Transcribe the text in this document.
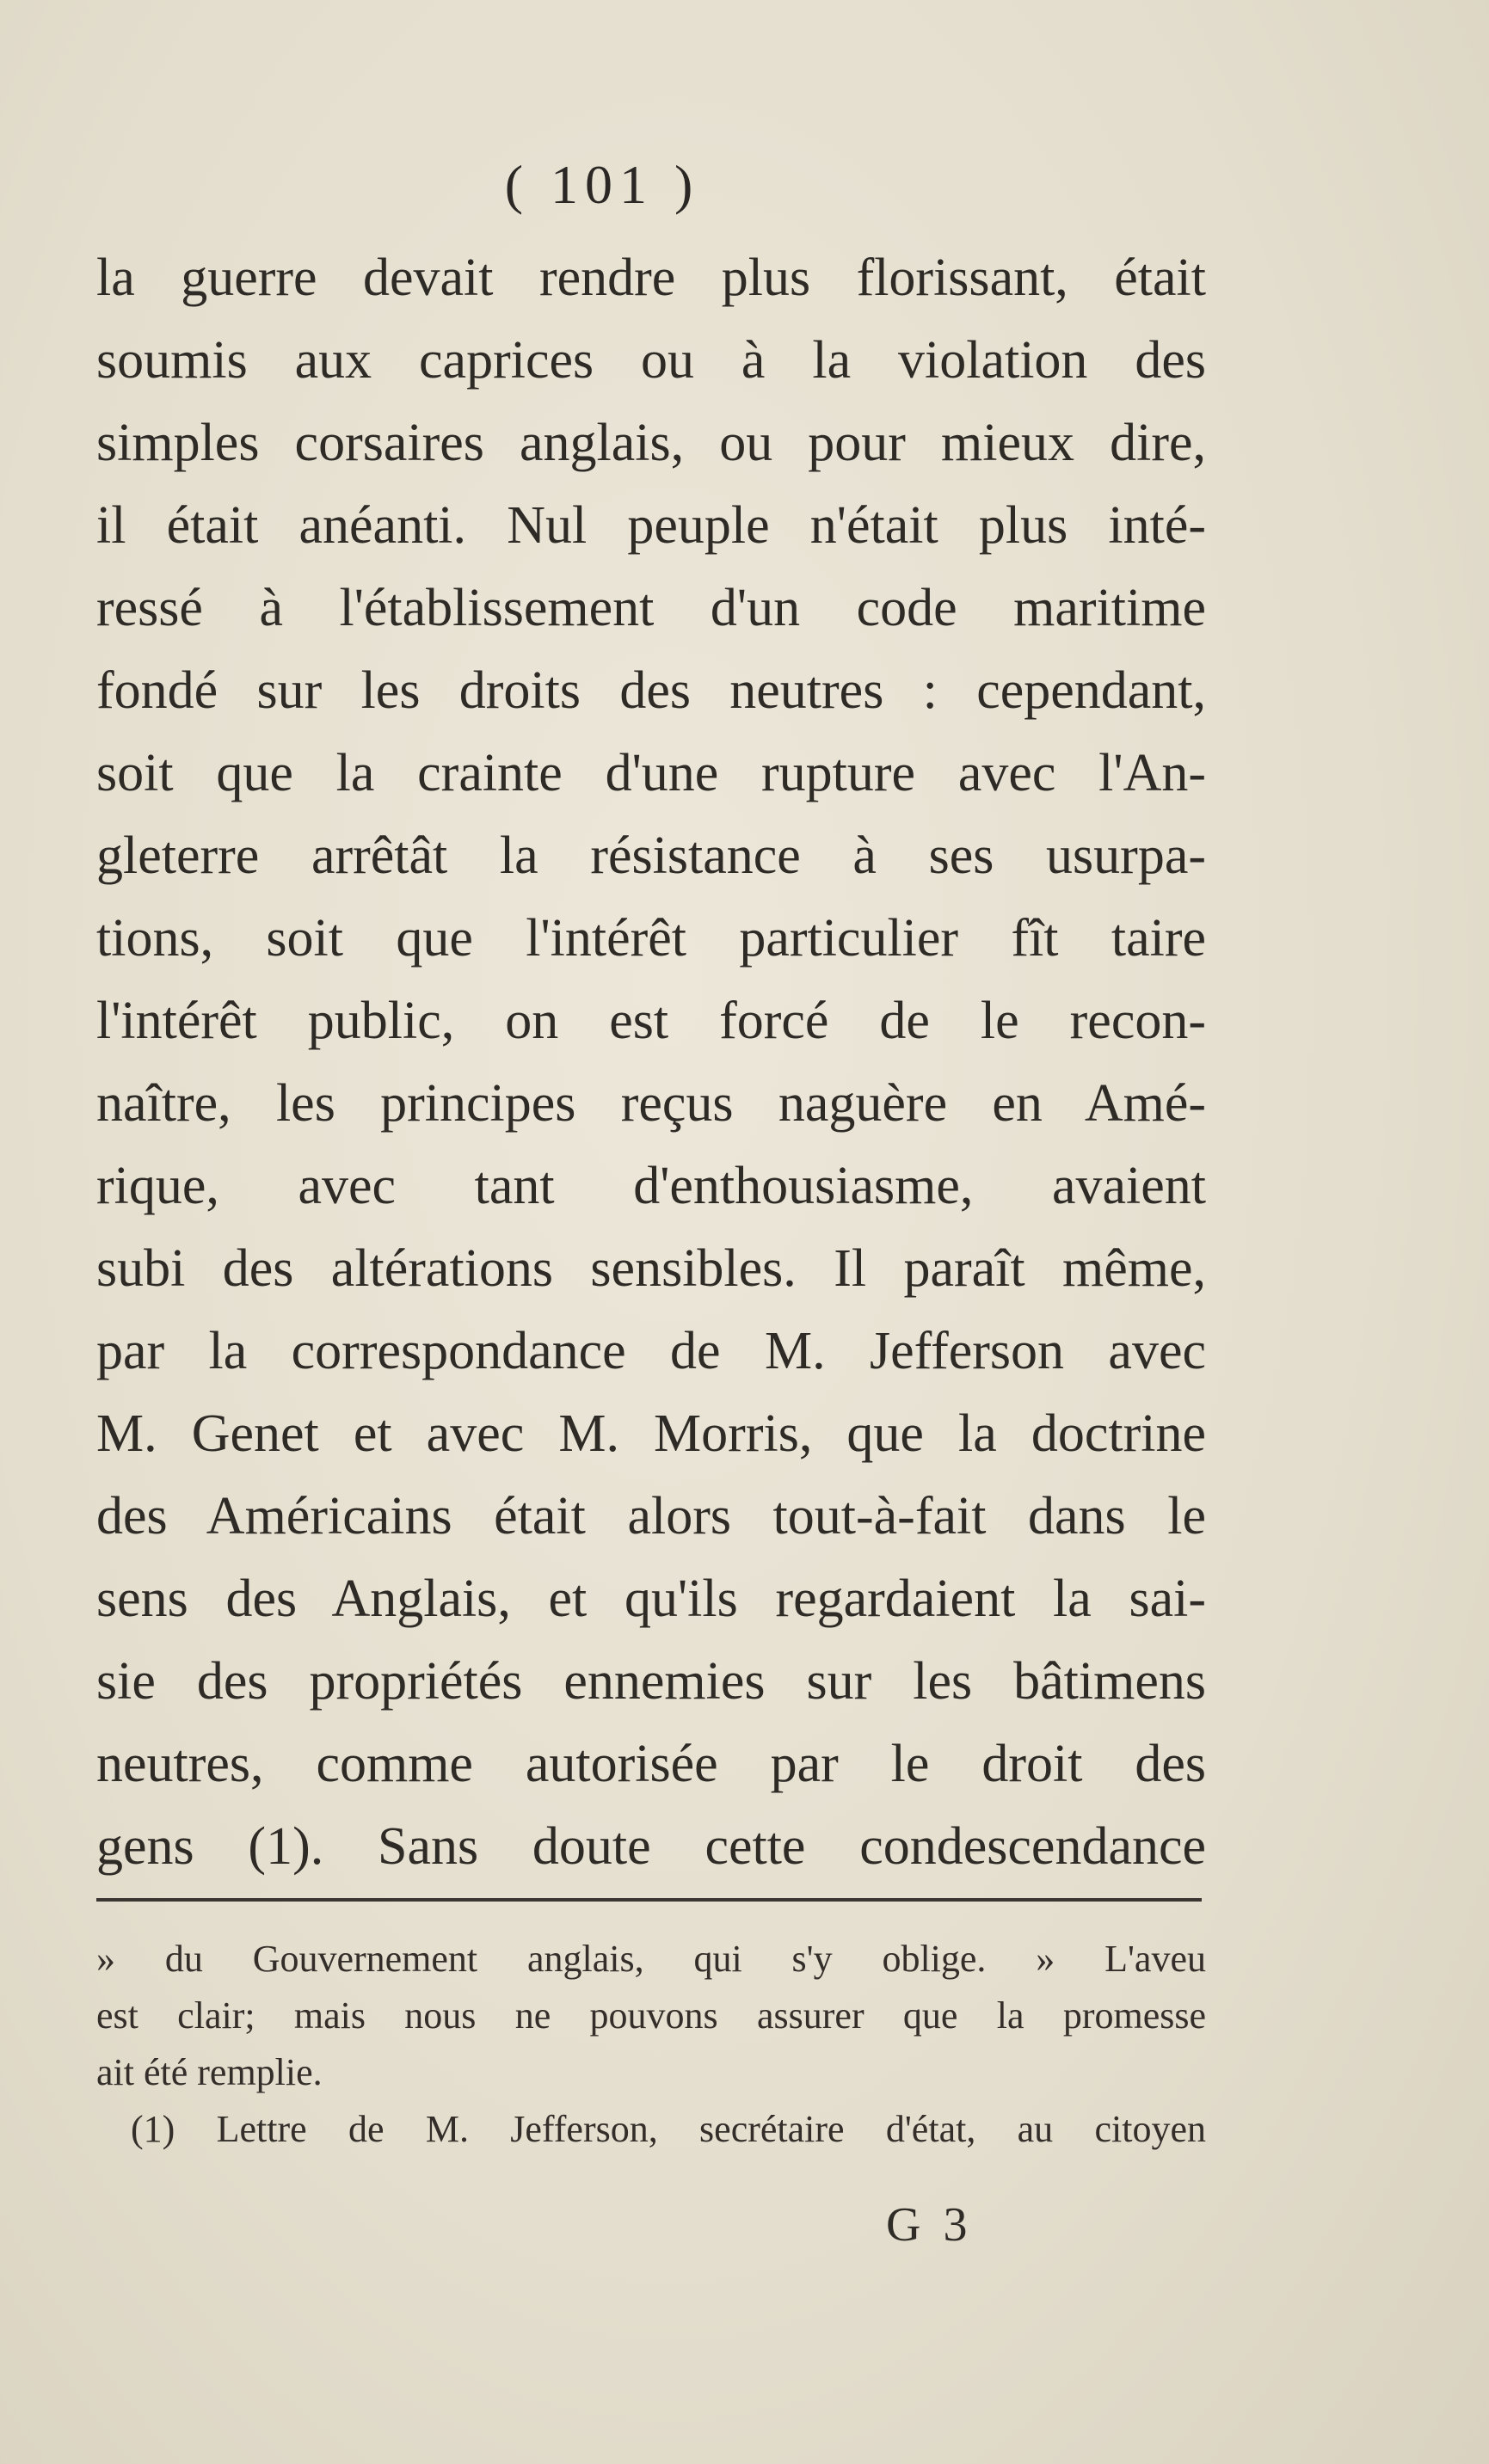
( 101 )
la guerre devait rendre plus florissant, était
soumis aux caprices ou à la violation des
simples corsaires anglais, ou pour mieux dire,
il était anéanti. Nul peuple n'était plus inté-
ressé à l'établissement d'un code maritime
fondé sur les droits des neutres : cependant,
soit que la crainte d'une rupture avec l'An-
gleterre arrêtât la résistance à ses usurpa-
tions, soit que l'intérêt particulier fît taire
l'intérêt public, on est forcé de le recon-
naître, les principes reçus naguère en Amé-
rique, avec tant d'enthousiasme, avaient
subi des altérations sensibles. Il paraît même,
par la correspondance de M. Jefferson avec
M. Genet et avec M. Morris, que la doctrine
des Américains était alors tout-à-fait dans le
sens des Anglais, et qu'ils regardaient la sai-
sie des propriétés ennemies sur les bâtimens
neutres, comme autorisée par le droit des
gens (1). Sans doute cette condescendance
» du Gouvernement anglais, qui s'y oblige. » L'aveu
est clair; mais nous ne pouvons assurer que la promesse
ait été remplie.
(1) Lettre de M. Jefferson, secrétaire d'état, au citoyen
G 3
